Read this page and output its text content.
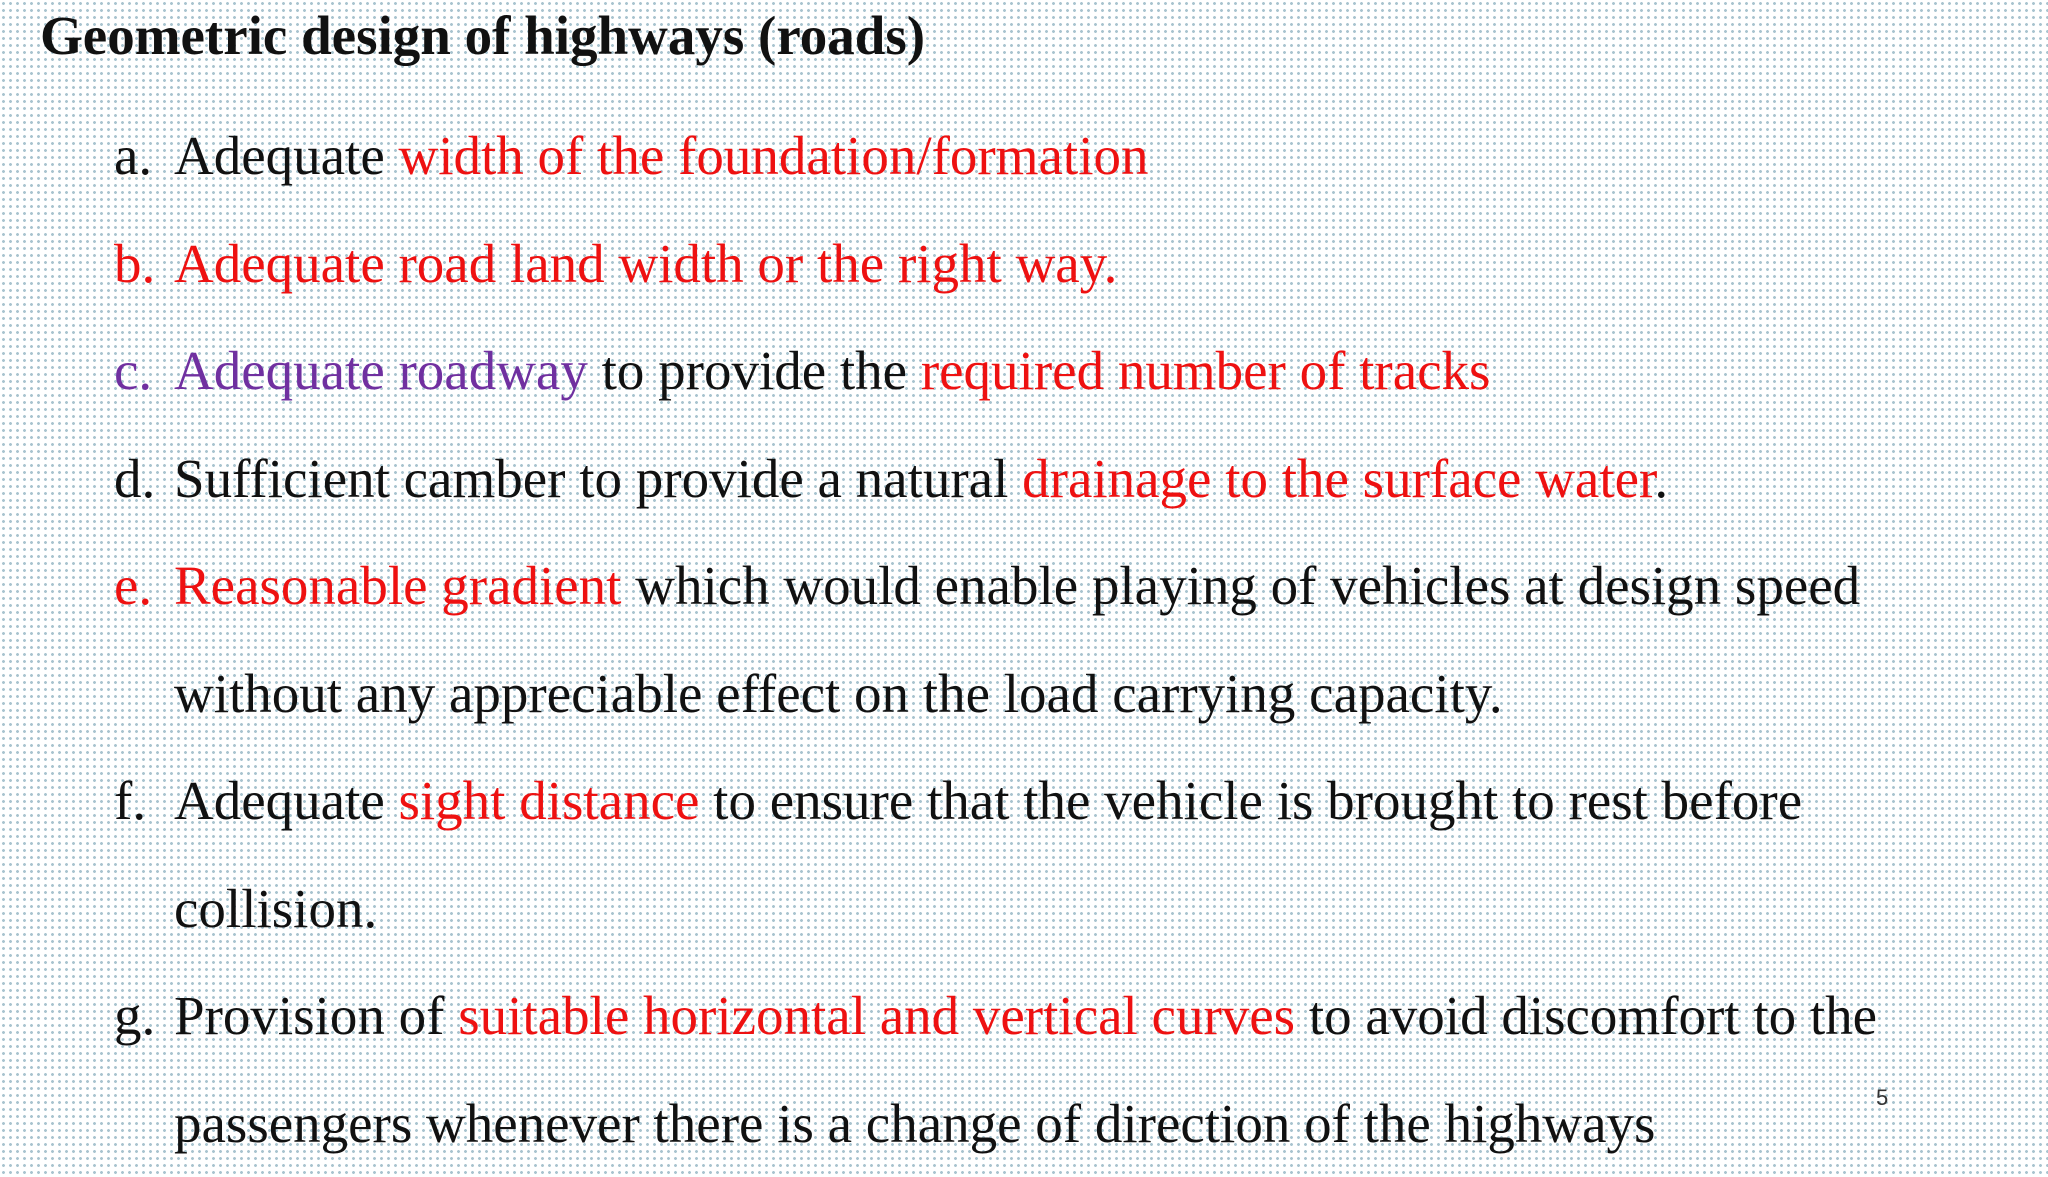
Geometric design of highways (roads)
a. Adequate width of the foundation/formation
b. Adequate road land width or the right way.
c. Adequate roadway to provide the required number of tracks
d. Sufficient camber to provide a natural drainage to the surface water.
e. Reasonable gradient which would enable playing of vehicles at design speed
without any appreciable effect on the load carrying capacity.
f. Adequate sight distance to ensure that the vehicle is brought to rest before
collision.
g. Provision of suitable horizontal and vertical curves to avoid discomfort to the
passengers whenever there is a change of direction of the highways	5
